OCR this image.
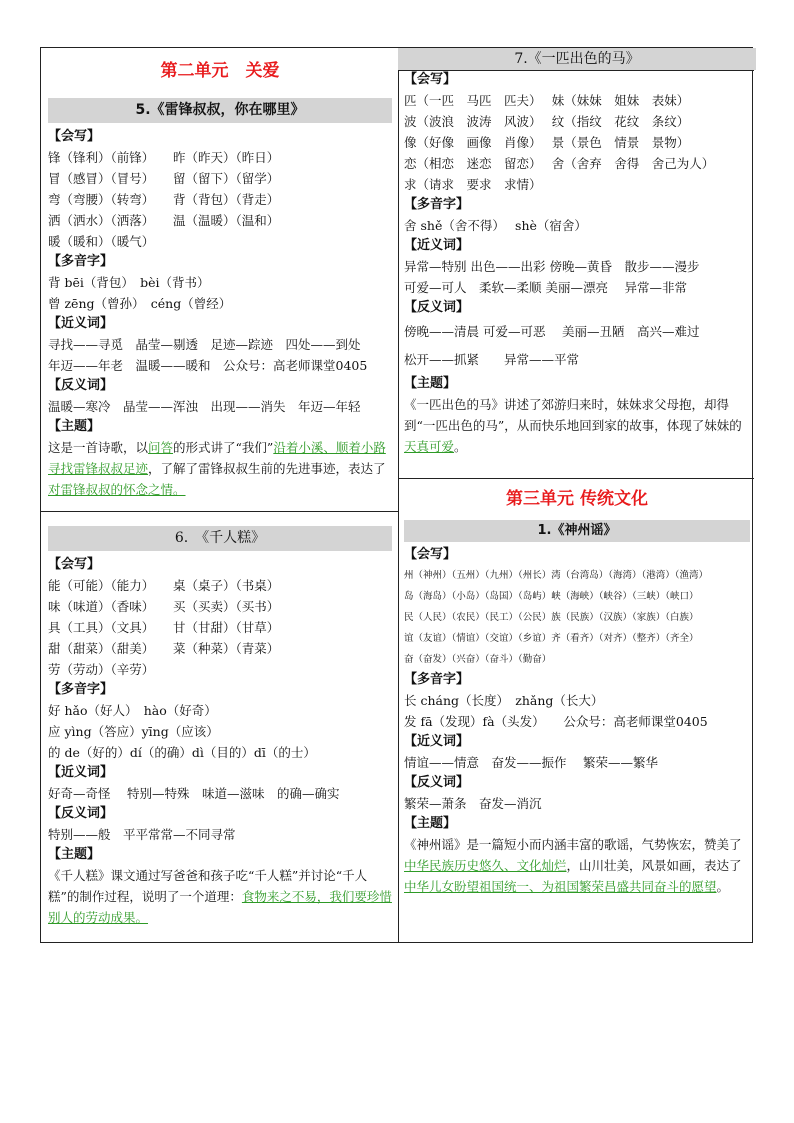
第二单元　关爱
5.《雷锋叔叔，你在哪里》
【会写】
锋（锋利）（前锋）　　昨（昨天）（昨日）
冒（感冒）（冒号）　　留（留下）（留学）
弯（弯腰）（转弯）　　背（背包）（背走）
洒（洒水）（洒落）　　温（温暖）（温和）
暖（暖和）（暖气）
【多音字】
背 bēi（背包）　bèi（背书）
曾 zēng（曾孙）　céng（曾经）
【近义词】
寻找——寻觅　晶莹—剔透　足迹—踪迹　四处——到处
年迈——年老　温暖——暖和　公众号：高老师课堂0405
【反义词】
温暖—寒冷　晶莹——浑浊　出现——消失　年迈—年轻
【主题】
这是一首诗歌，以问答的形式讲了“我们”沿着小溪、顺着小路寻找雷锋叔叔足迹，了解了雷锋叔叔生前的先进事迹，表达了对雷锋叔叔的怀念之情。
6.　《千人糕》
【会写】
能（可能）（能力）　　桌（桌子）（书桌）
味（味道）（香味）　　买（买卖）（买书）
具（工具）（文具）　　甘（甘甜）（甘草）
甜（甜菜）（甜美）　　菜（种菜）（青菜）
劳（劳动）（辛劳）
【多音字】
好 hǎo（好人）　hào（好奇）
应 yìng（答应）yīng（应该）
的 de（好的）dí（的确）dì（目的）dī（的士）
【近义词】
好奇—奇怪　 特别—特殊　味道—滋味　的确—确实
【反义词】
特别——般　平平常常—不同寻常
【主题】
《千人糕》课文通过写爸爸和孩子吃“千人糕”并讨论“千人糕”的制作过程，说明了一个道理：食物来之不易，我们要珍惜别人的劳动成果。
7.《一匹出色的马》
【会写】
匹（一匹　马匹　匹夫）　 妹（妹妹　姐妹　表妹）
波（波浪　波涛　风波）　 纹（指纹　花纹　条纹）
像（好像　画像　肖像）　 景（景色　情景　景物）
恋（相恋　迷恋　留恋）　 舍（舍弃　舍得　舍己为人）
求（请求　要求　求情）
【多音字】
舍 shě（舍不得）　 shè（宿舍）
【近义词】
异常—特别 出色——出彩 傍晚—黄昏　散步——漫步
可爱—可人　柔软—柔顺 美丽—漂亮　 异常—非常
【反义词】
傍晚——清晨 可爱—可恶　 美丽—丑陋　高兴—难过
松开——抓紧　　异常——平常
【主题】
《一匹出色的马》讲述了郊游归来时，妹妹求父母抱，却得到“一匹出色的马”，从而快乐地回到家的故事，体现了妹妹的天真可爱。
第三单元 传统文化
1.《神州谣》
【会写】
州（神州）（五州）（九州）（州长）湾（台湾岛）（海湾）（港湾）（渔湾）
岛（海岛）（小岛）（岛国）（岛屿）峡（海峡）（峡谷）（三峡）（峡口）
民（人民）（农民）（民工）（公民）族（民族）（汉族）（家族）（白族）
谊（友谊）（情谊）（交谊）（乡谊）齐（看齐）（对齐）（整齐）（齐全）
奋（奋发）（兴奋）（奋斗）（勤奋）
【多音字】
长 cháng（长度）　zhǎng（长大）
发 fā（发现）fà（头发）　　公众号：高老师课堂0405
【近义词】
情谊——情意　奋发——振作　 繁荣——繁华
【反义词】
繁荣—萧条　奋发—消沉
【主题】
《神州谣》是一篇短小而内涵丰富的歌谣，气势恢宏，赞美了中华民族历史悠久、文化灿烂，山川壮美，风景如画，表达了中华儿女盼望祖国统一、为祖国繁荣昌盛共同奋斗的愿望。
